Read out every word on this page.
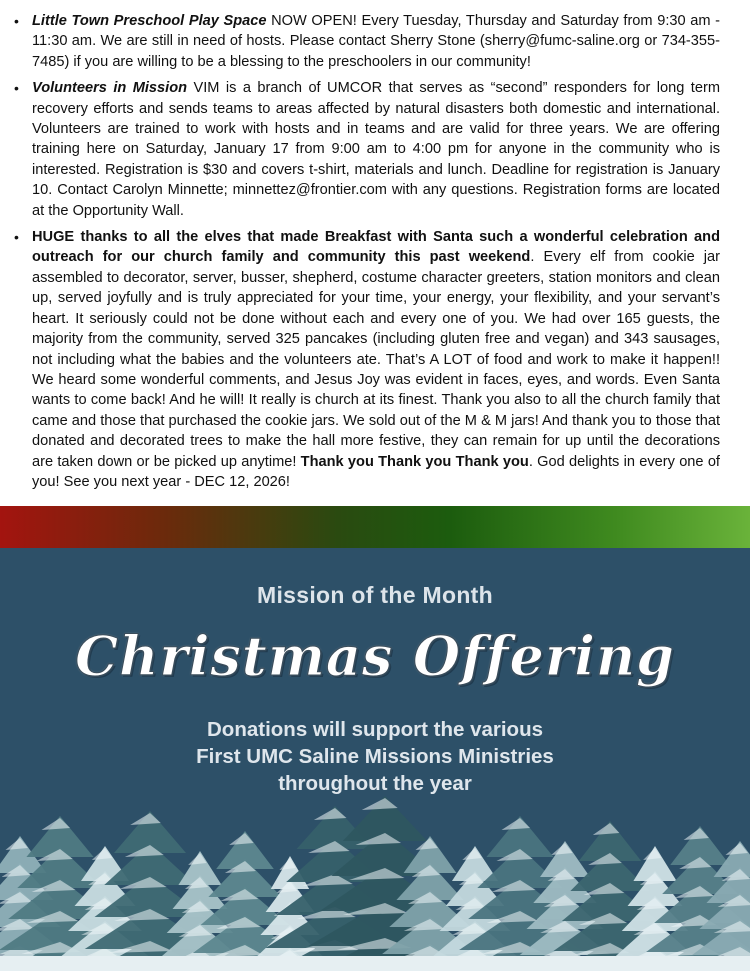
• Little Town Preschool Play Space NOW OPEN! Every Tuesday, Thursday and Saturday from 9:30 am - 11:30 am. We are still in need of hosts. Please contact Sherry Stone (sherry@fumc-saline.org or 734-355-7485) if you are willing to be a blessing to the preschoolers in our community!
• Volunteers in Mission VIM is a branch of UMCOR that serves as “second” responders for long term recovery efforts and sends teams to areas affected by natural disasters both domestic and international. Volunteers are trained to work with hosts and in teams and are valid for three years. We are offering training here on Saturday, January 17 from 9:00 am to 4:00 pm for anyone in the community who is interested. Registration is $30 and covers t-shirt, materials and lunch. Deadline for registration is January 10. Contact Carolyn Minnette; minnettez@frontier.com with any questions. Registration forms are located at the Opportunity Wall.
• HUGE thanks to all the elves that made Breakfast with Santa such a wonderful celebration and outreach for our church family and community this past weekend. Every elf from cookie jar assembled to decorator, server, busser, shepherd, costume character greeters, station monitors and clean up, served joyfully and is truly appreciated for your time, your energy, your flexibility, and your servant’s heart. It seriously could not be done without each and every one of you. We had over 165 guests, the majority from the community, served 325 pancakes (including gluten free and vegan) and 343 sausages, not including what the babies and the volunteers ate. That’s A LOT of food and work to make it happen!! We heard some wonderful comments, and Jesus Joy was evident in faces, eyes, and words. Even Santa wants to come back! And he will! It really is church at its finest. Thank you also to all the church family that came and those that purchased the cookie jars. We sold out of the M & M jars! And thank you to those that donated and decorated trees to make the hall more festive, they can remain for up until the decorations are taken down or be picked up anytime! Thank you Thank you Thank you. God delights in every one of you! See you next year - DEC 12, 2026!
Mission of the Month
Christmas Offering
Donations will support the various
First UMC Saline Missions Ministries
throughout the year
